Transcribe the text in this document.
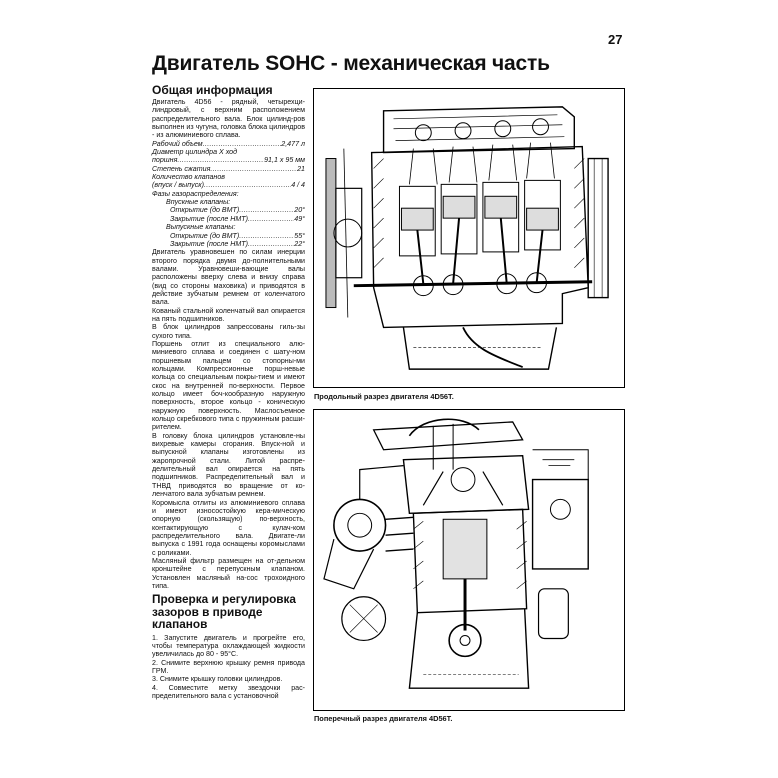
27
Двигатель SOHC - механическая часть
Общая информация
Двигатель 4D56 - рядный, четырехци-линдровый, с верхним расположением распределительного вала. Блок цилинд-ров выполнен из чугуна, головка блока цилиндров - из алюминиевого сплава.
Рабочий объем .....	2,477 л
Диаметр цилиндра X ход
поршня .....	91,1 x 95 мм
Степень сжатия .....	21
Количество клапанов
(впуск / выпуск) .....	4 / 4
Фазы газораспределения:
Впускные клапаны:
Открытие (до ВМТ) .....	20°
Закрытие (после НМТ) .....	49°
Выпускные клапаны:
Открытие (до ВМТ) .....	55°
Закрытие (после НМТ) .....	22°
Двигатель уравновешен по силам инерции второго порядка двумя до-полнительными валами. Уравновеши-вающие валы расположены вверху слева и внизу справа (вид со стороны маховика) и приводятся в действие зубчатым ремнем от коленчатого вала.
Кованый стальной коленчатый вал опирается на пять подшипников.
В блок цилиндров запрессованы гиль-зы сухого типа.
Поршень отлит из специального алю-миниевого сплава и соединен с шату-ном поршневым пальцем со стопорны-ми кольцами. Компрессионные порш-невые кольца со специальным покры-тием и имеют скос на внутренней по-верхности. Первое кольцо имеет боч-кообразную наружную поверхность, второе кольцо - коническую наружную поверхность. Маслосъемное кольцо скребкового типа с пружинным расши-рителем.
В головку блока цилиндров установле-ны вихревые камеры сгорания. Впуск-ной и выпускной клапаны изготовлены из жаропрочной стали. Литой распре-делительный вал опирается на пять подшипников. Распределительный вал и ТНВД приводятся во вращение от ко-ленчатого вала зубчатым ремнем.
Коромысла отлиты из алюминиевого сплава и имеют износостойкую кера-мическую опорную (скользящую) по-верхность, контактирующую с кулач-ком распределительного вала. Двигате-ли выпуска с 1991 года оснащены коромыслами с роликами.
Масляный фильтр размещен на от-дельном кронштейне с перепускным клапаном. Установлен масляный на-сос трохоидного типа.
Проверка и регулировка зазоров в приводе клапанов
1. Запустите двигатель и прогрейте его, чтобы температура охлаждающей жидкости увеличилась до 80 - 95°С.
2. Снимите верхнюю крышку ремня привода ГРМ.
3. Снимите крышку головки цилиндров.
4. Совместите метку звездочки рас-пределительного вала с установочной
Продольный разрез двигателя 4D56T.
Поперечный разрез двигателя 4D56T.
